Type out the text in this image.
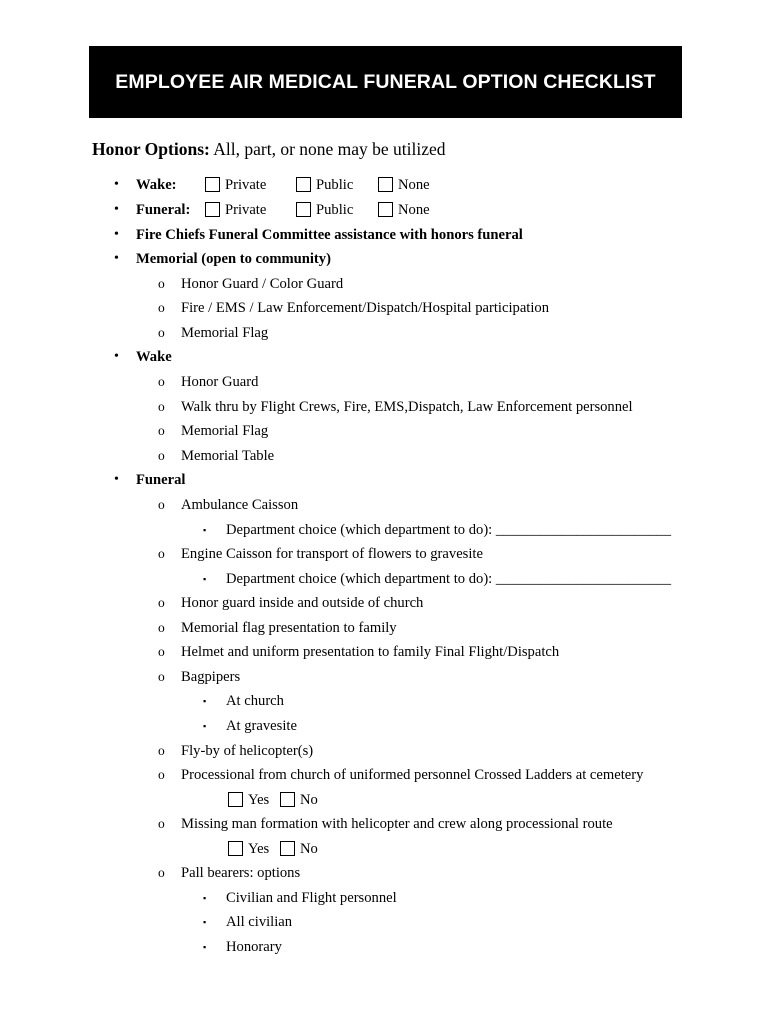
EMPLOYEE AIR MEDICAL FUNERAL OPTION CHECKLIST
Honor Options: All, part, or none may be utilized
• Wake:	Private	Public	None
• Funeral: Private	Public	None
• Fire Chiefs Funeral Committee assistance with honors funeral
• Memorial (open to community)
o Honor Guard / Color Guard
o Fire / EMS / Law Enforcement/Dispatch/Hospital participation
o Memorial Flag
• Wake
o Honor Guard
o Walk thru by Flight Crews, Fire, EMS,Dispatch, Law Enforcement personnel
o Memorial Flag
o Memorial Table
• Funeral
o Ambulance Caisson
▪ Department choice (which department to do): ________________________
o Engine Caisson for transport of flowers to gravesite
▪ Department choice (which department to do): ________________________
o Honor guard inside and outside of church
o Memorial flag presentation to family
o Helmet and uniform presentation to family Final Flight/Dispatch
o Bagpipers
▪ At church
▪ At gravesite
o Fly-by of helicopter(s)
o Processional from church of uniformed personnel Crossed Ladders at cemetery
Yes No
o Missing man formation with helicopter and crew along processional route
Yes No
o Pall bearers: options
▪ Civilian and Flight personnel
▪ All civilian
▪ Honorary
